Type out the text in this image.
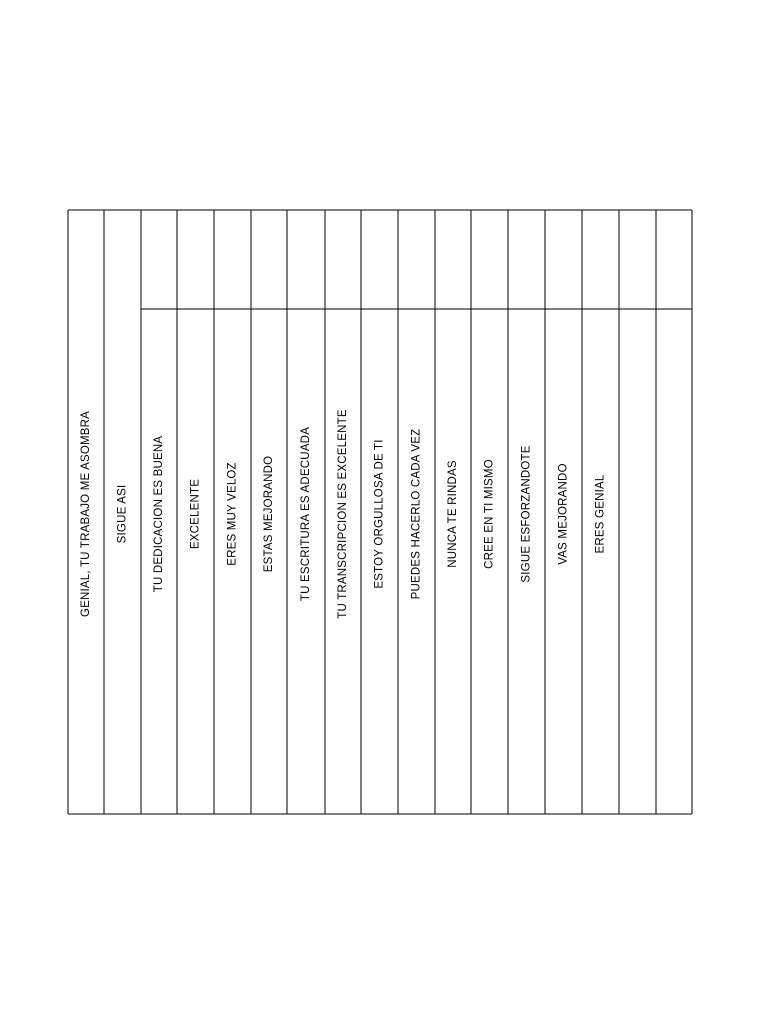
GENIAL, TU TRABAJO ME ASOMBRA SIGUE ASI TU DEDICACION ES BUENA EXCELENTE ERES MUY VELOZ ESTAS MEJORANDO TU ESCRITURA ES ADECUADA TU TRANSCRIPCION ES EXCELENTE ESTOY ORGULLOSA DE TI PUEDES HACERLO CADA VEZ NUNCA TE RINDAS CREE EN TI MISMO SIGUE ESFORZANDOTE VAS MEJORANDO ERES GENIAL
